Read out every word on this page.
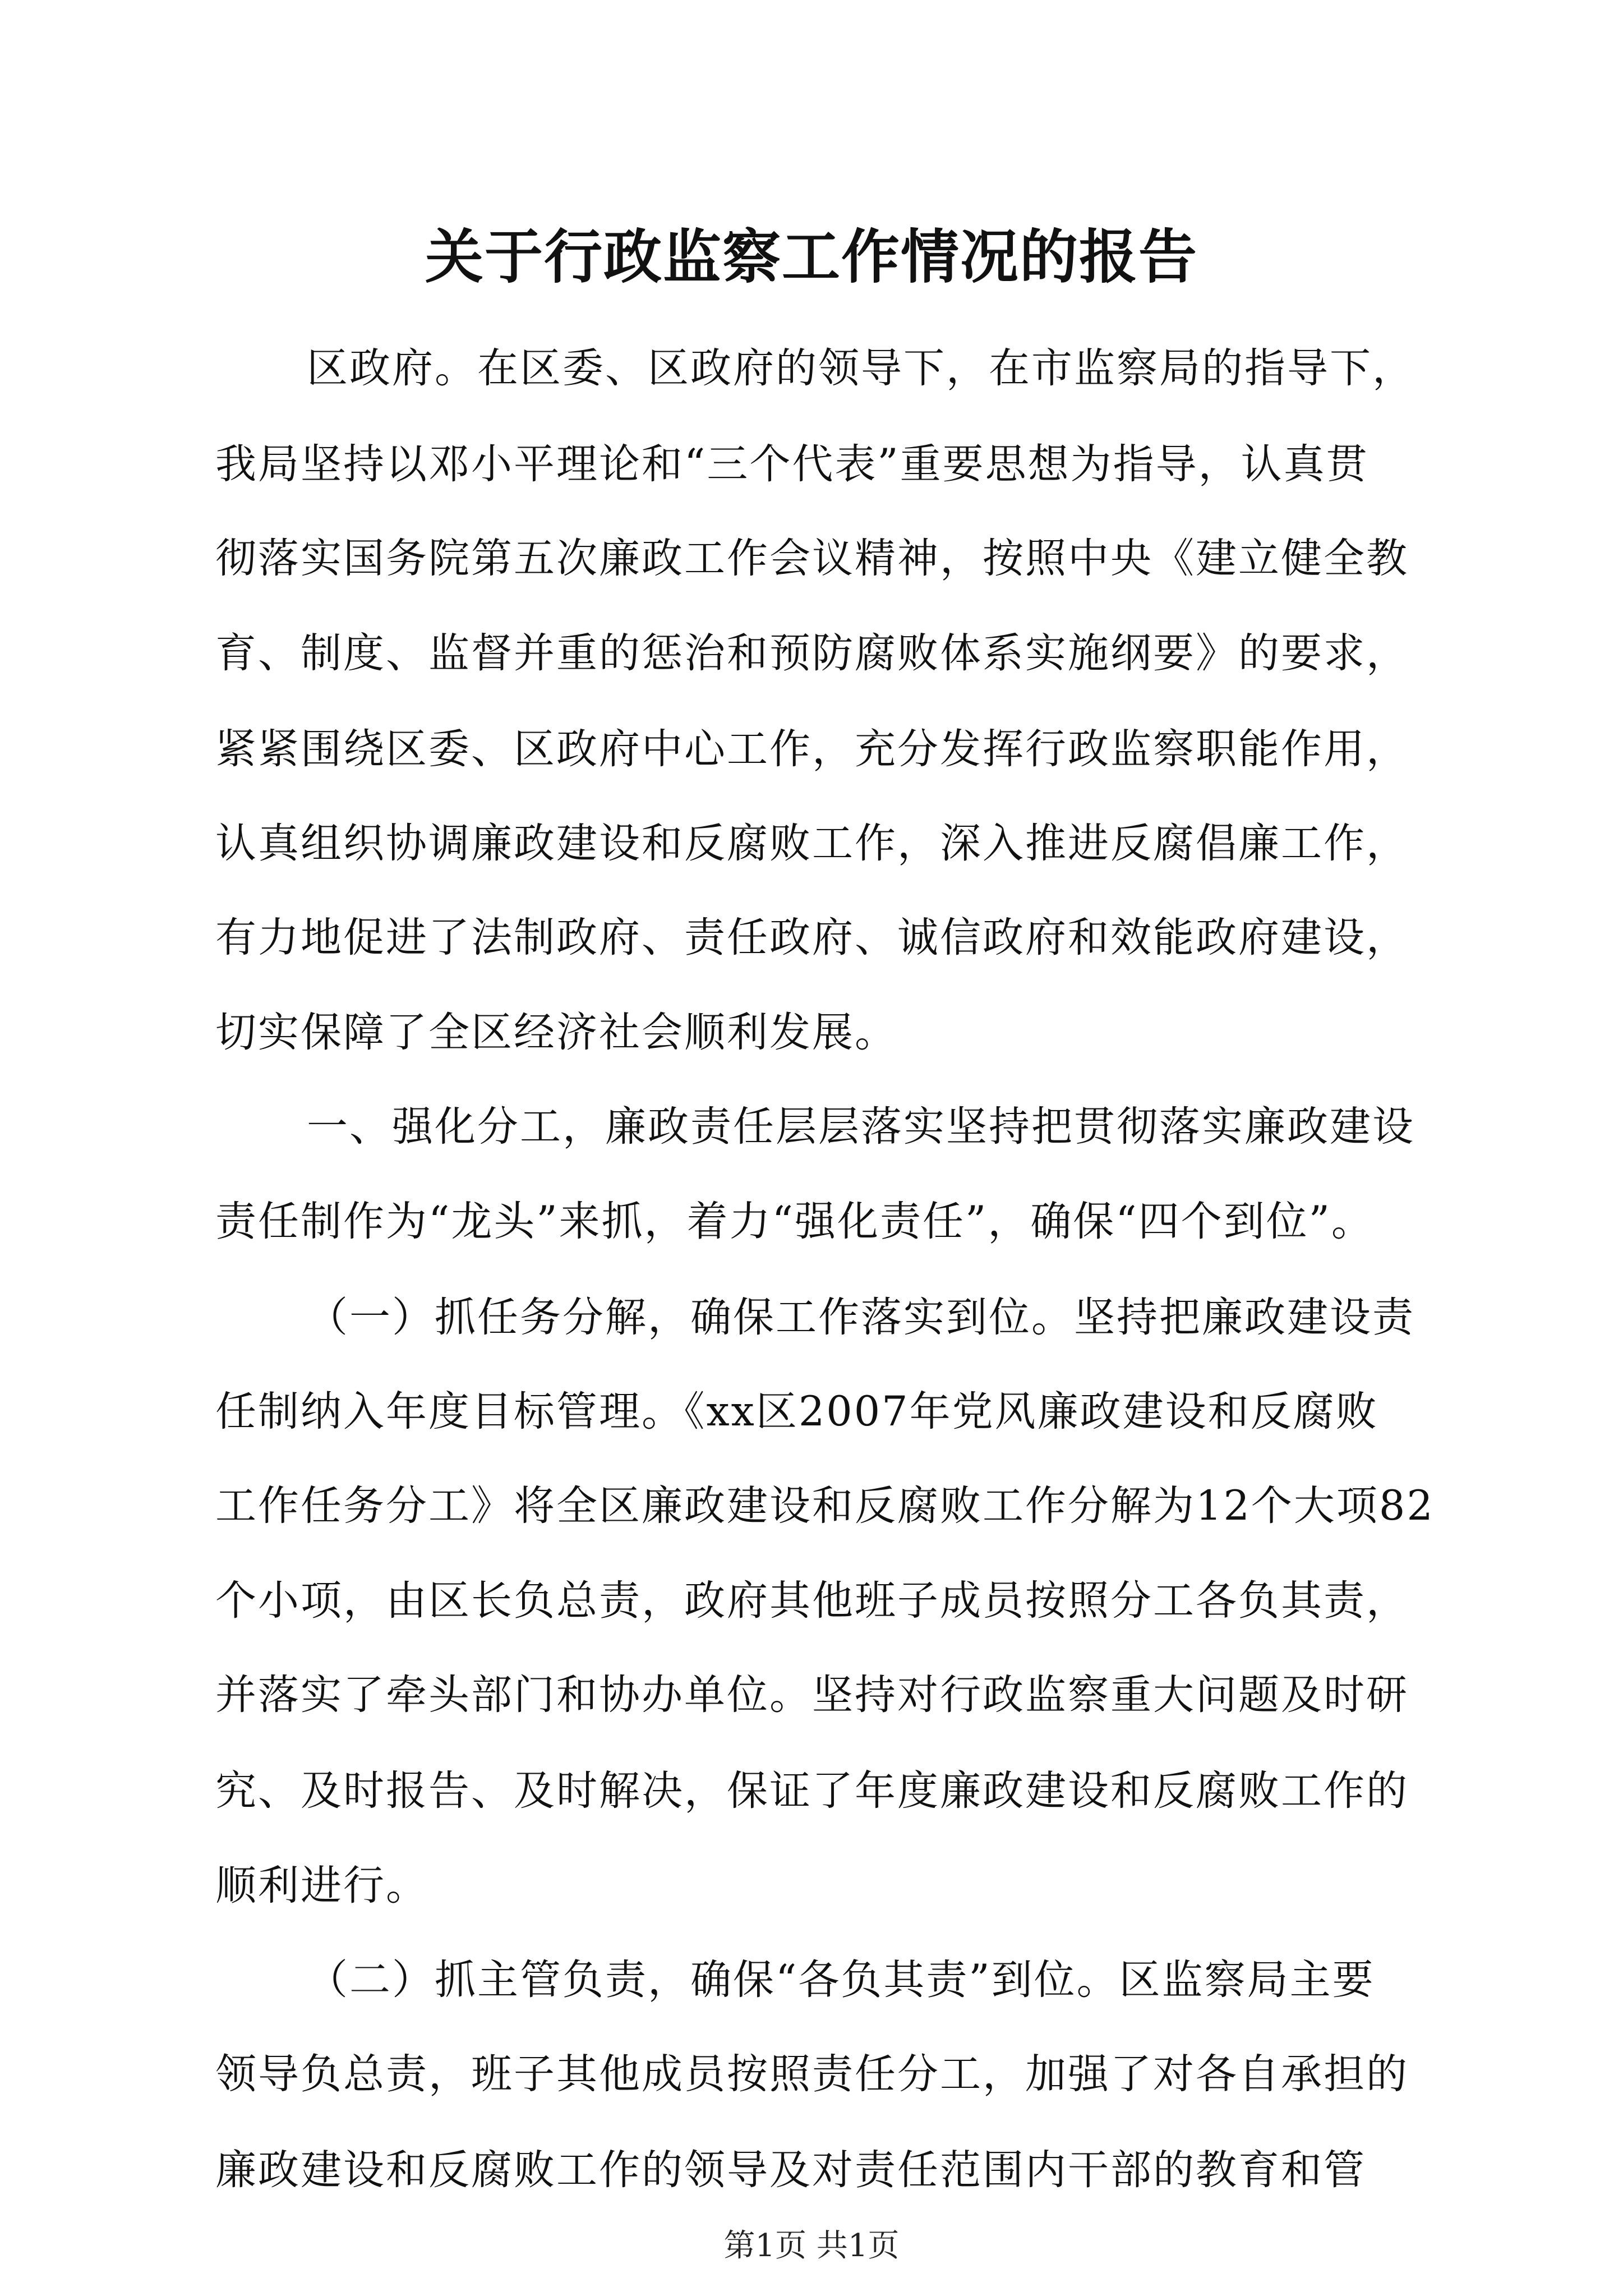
关于行政监察工作情况的报告
区政府。在区委、区政府的领导下，在市监察局的指导下，
我局坚持以邓小平理论和“三个代表”重要思想为指导，认真贯
彻落实国务院第五次廉政工作会议精神，按照中央《建立健全教
育、制度、监督并重的惩治和预防腐败体系实施纲要》的要求，
紧紧围绕区委、区政府中心工作，充分发挥行政监察职能作用，
认真组织协调廉政建设和反腐败工作，深入推进反腐倡廉工作，
有力地促进了法制政府、责任政府、诚信政府和效能政府建设，
切实保障了全区经济社会顺利发展。
一、强化分工，廉政责任层层落实坚持把贯彻落实廉政建设
责任制作为“龙头”来抓，着力“强化责任”，确保“四个到位”。
（一）抓任务分解，确保工作落实到位。坚持把廉政建设责
任制纳入年度目标管理。《xx区2007年党风廉政建设和反腐败
工作任务分工》将全区廉政建设和反腐败工作分解为12个大项82
个小项，由区长负总责，政府其他班子成员按照分工各负其责，
并落实了牵头部门和协办单位。坚持对行政监察重大问题及时研
究、及时报告、及时解决，保证了年度廉政建设和反腐败工作的
顺利进行。
（二）抓主管负责，确保“各负其责”到位。区监察局主要
领导负总责，班子其他成员按照责任分工，加强了对各自承担的
廉政建设和反腐败工作的领导及对责任范围内干部的教育和管
第1页 共1页
